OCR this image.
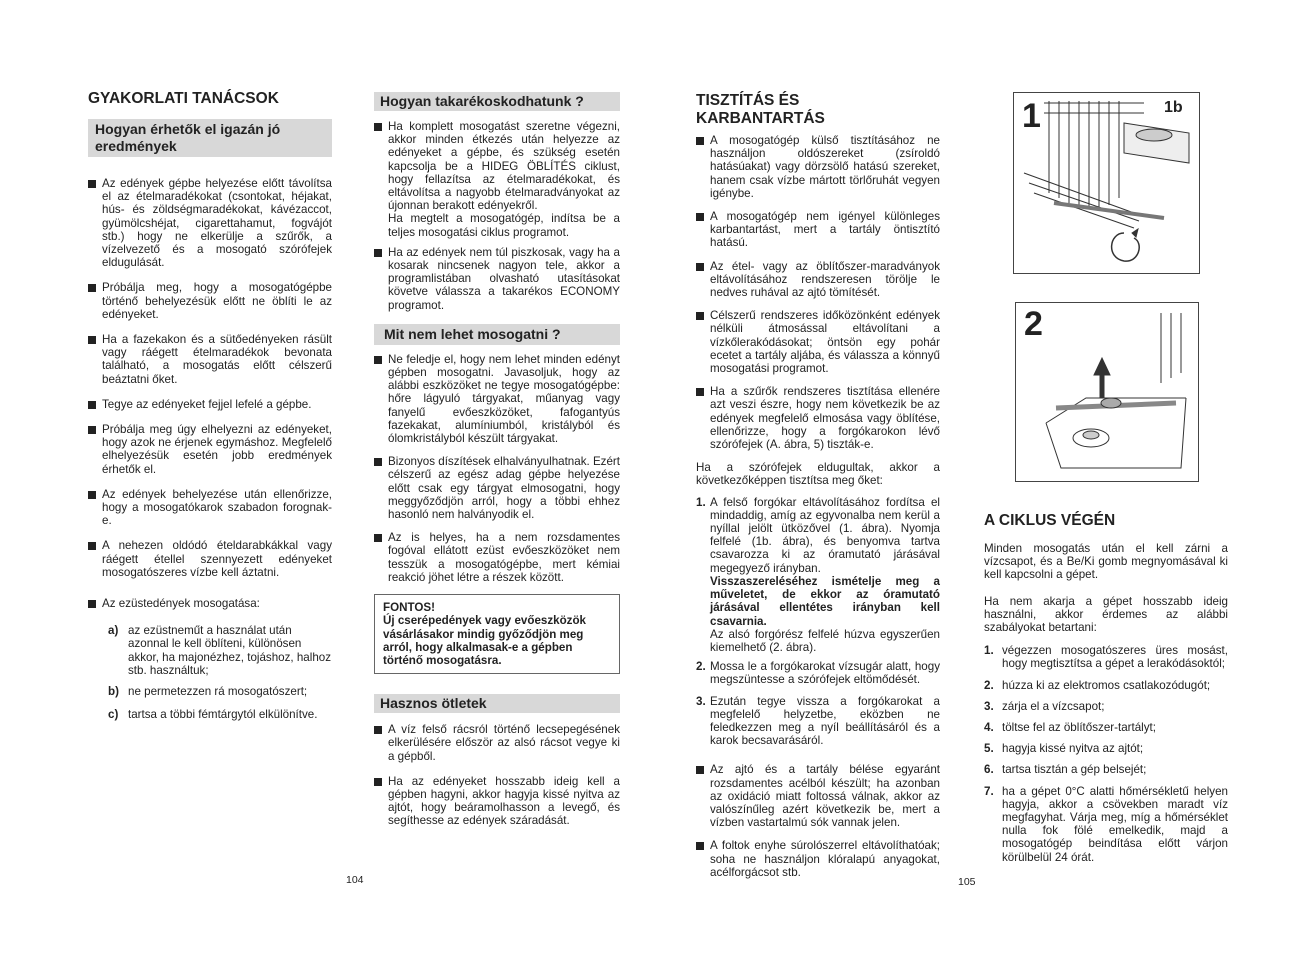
GYAKORLATI TANÁCSOK
Hogyan érhetők el igazán jó eredmények

Az edények gépbe helyezése előtt távolítsa el az ételmaradékokat (csontokat, héjakat, hús- és zöldségmaradékokat, kávézaccot, gyümölcshéjat, cigarettahamut, fogvájót stb.) hogy ne elkerülje a szűrők, a vízelvezető és a mosogató szórófejek eldugulását.

Próbálja meg, hogy a mosogatógépbe történő behelyezésük előtt ne öblíti le az edényeket.

Ha a fazekakon és a sütőedényeken rásült vagy ráégett ételmaradékok bevonata található, a mosogatás előtt célszerű beáztatni őket.

Tegye az edényeket fejjel lefelé a gépbe.

Próbálja meg úgy elhelyezni az edényeket, hogy azok ne érjenek egymáshoz. Megfelelő elhelyezésük esetén jobb eredmények érhetők el.

Az edények behelyezése után ellenőrizze, hogy a mosogatókarok szabadon forognak-e.

A nehezen oldódó ételdarabkákkal vagy ráégett étellel szennyezett edényeket mosogatószeres vízbe kell áztatni.

Az ezüstedények mosogatása:

a) az ezüstneműt a használat után azonnal le kell öblíteni, különösen akkor, ha majonézhez, tojáshoz, halhoz stb. használtuk;

b) ne permetezzen rá mosogatószert;

c) tartsa a többi fémtárgytól elkülönítve.

104
Hogyan takarékoskodhatunk ?

Ha komplett mosogatást szeretne végezni, akkor minden étkezés után helyezze az edényeket a gépbe, és szükség esetén kapcsolja be a HIDEG ÖBLÍTÉS ciklust, hogy fellazítsa az ételmaradékokat, és eltávolítsa a nagyobb ételmaradványokat az újonnan berakott edényekről.
Ha megtelt a mosogatógép, indítsa be a teljes mosogatási ciklus programot.

Ha az edények nem túl piszkosak, vagy ha a kosarak nincsenek nagyon tele, akkor a programlistában olvasható utasításokat követve válassza a takarékos ECONOMY programot.

Mit nem lehet mosogatni ?

Ne feledje el, hogy nem lehet minden edényt gépben mosogatni. Javasoljuk, hogy az alábbi eszközöket ne tegye mosogatógépbe: hőre lágyuló tárgyakat, műanyag vagy fanyelű evőeszközöket, fafogantyús fazekakat, alumíniumból, kristályból és ólomkristályból készült tárgyakat.

Bizonyos díszítések elhalványulhatnak. Ezért célszerű az egész adag gépbe helyezése előtt csak egy tárgyat elmosogatni, hogy meggyőződjön arról, hogy a többi ehhez hasonló nem halványodik el.

Az is helyes, ha a nem rozsdamentes fogóval ellátott ezüst evőeszközöket nem tesszük a mosogatógépbe, mert kémiai reakció jöhet létre a részek között.

FONTOS!
Új cserépedények vagy evőeszközök vásárlásakor mindig győződjön meg arról, hogy alkalmasak-e a gépben történő mosogatásra.
Hasznos ötletek

A víz felső rácsról történő lecsepegésének elkerülésére először az alsó rácsot vegye ki a gépből.

Ha az edényeket hosszabb ideig kell a gépben hagyni, akkor hagyja kissé nyitva az ajtót, hogy beáramolhasson a levegő, és segíthesse az edények száradását.

TISZTÍTÁS ÉS
KARBANTARTÁS

A mosogatógép külső tisztításához ne használjon oldószereket (zsíroldó hatásúakat) vagy dörzsölő hatású szereket, hanem csak vízbe mártott törlőruhát vegyen igénybe.

A mosogatógép nem igényel különleges karbantartást, mert a tartály öntisztító hatású.

Az étel- vagy az öblítőszer-maradványok eltávolításához rendszeresen törölje le nedves ruhával az ajtó tömítését.

Célszerű rendszeres időközönként edények nélküli átmosással eltávolítani a vízkőlerakódásokat; öntsön egy pohár ecetet a tartály aljába, és válassza a könnyű mosogatási programot.

Ha a szűrők rendszeres tisztítása ellenére azt veszi észre, hogy nem következik be az edények megfelelő elmosása vagy öblítése, ellenőrizze, hogy a forgókarokon lévő szórófejek (A. ábra, 5) tiszták-e.

Ha a szórófejek eldugultak, akkor a következőképpen tisztítsa meg őket:

1. A felső forgókar eltávolításához fordítsa el mindaddig, amíg az egyvonalba nem kerül a nyíllal jelölt ütközővel (1. ábra). Nyomja felfelé (1b. ábra), és benyomva tartva csavarozza ki az óramutató járásával megegyező irányban.
Visszaszereléséhez ismételje meg a műveletet, de ekkor az óramutató járásával ellentétes irányban kell csavarnia.
Az alsó forgórész felfelé húzva egyszerűen kiemelhető (2. ábra).

2. Mossa le a forgókarokat vízsugár alatt, hogy megszüntesse a szórófejek eltömődését.

3. Ezután tegye vissza a forgókarokat a megfelelő helyzetbe, eközben ne feledkezzen meg a nyíl beállításáról és a karok becsavarásáról.

Az ajtó és a tartály bélése egyaránt rozsdamentes acélból készült; ha azonban az oxidáció miatt foltossá válnak, akkor az valószínűleg azért következik be, mert a vízben vastartalmú sók vannak jelen.

A foltok enyhe súrolószerrel eltávolíthatóak; soha ne használjon klóralapú anyagokat, acélforgácsot stb.

105
1	1b
2
A CIKLUS VÉGÉN

Minden mosogatás után el kell zárni a vízcsapot, és a Be/Ki gomb megnyomásával ki kell kapcsolni a gépet.

Ha nem akarja a gépet hosszabb ideig használni, akkor érdemes az alábbi szabályokat betartani:

1. végezzen mosogatószeres üres mosást, hogy megtisztítsa a gépet a lerakódásoktól;

2. húzza ki az elektromos csatlakozódugót;

3. zárja el a vízcsapot;

4. töltse fel az öblítőszer-tartályt;

5. hagyja kissé nyitva az ajtót;

6. tartsa tisztán a gép belsejét;

7. ha a gépet 0°C alatti hőmérsékletű helyen hagyja, akkor a csövekben maradt víz megfagyhat. Várja meg, míg a hőmérséklet nulla fok fölé emelkedik, majd a mosogatógép beindítása előtt várjon körülbelül 24 órát.
